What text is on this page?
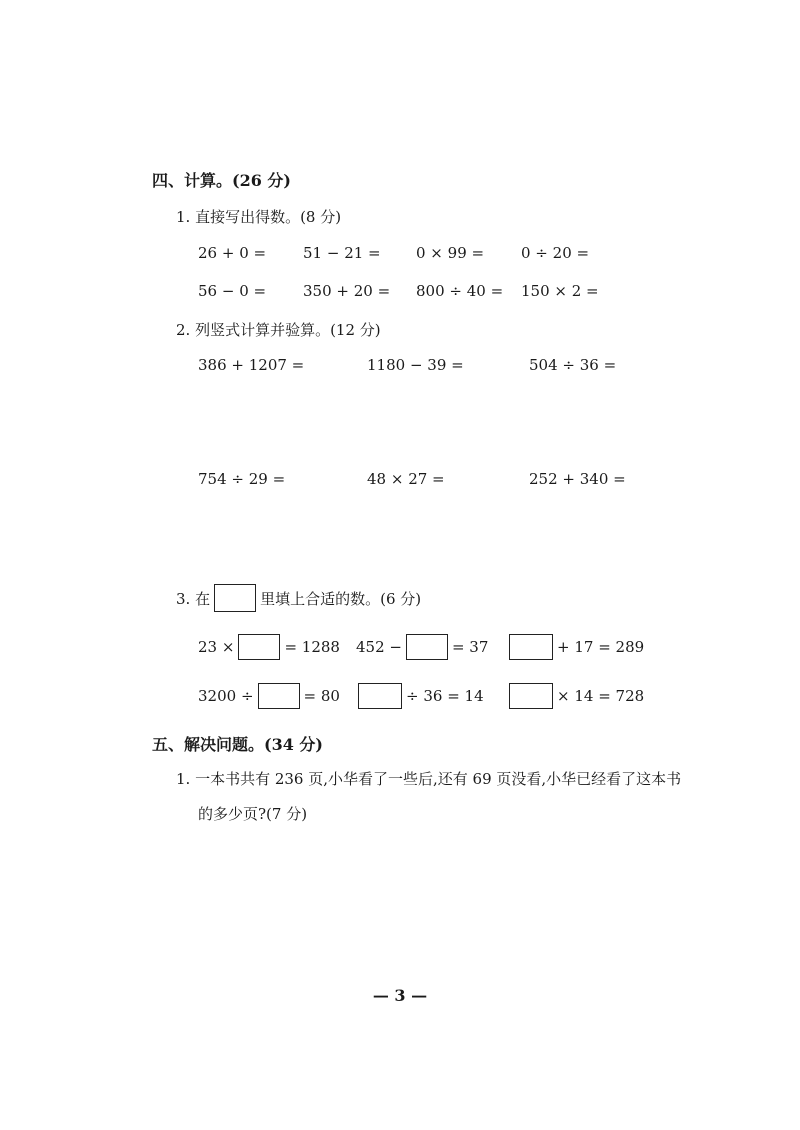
四、计算。(26 分)
1. 直接写出得数。(8 分)
26 + 0 = 51 − 21 = 0 × 99 = 0 ÷ 20 =
56 − 0 = 350 + 20 = 800 ÷ 40 = 150 × 2 =
2. 列竖式计算并验算。(12 分)
386 + 1207 =	1180 − 39 =	504 ÷ 36 =
754 ÷ 29 =	48 × 27 =	252 + 340 =
3. 在	里填上合适的数。(6 分)
23 ×	= 1288 452 −	= 37	+ 17 = 289
3200 ÷	= 80	÷ 36 = 14	× 14 = 728
五、解决问题。(34 分)
1. 一本书共有 236 页,小华看了一些后,还有 69 页没看,小华已经看了这本书
的多少页?(7 分)
— 3 —
